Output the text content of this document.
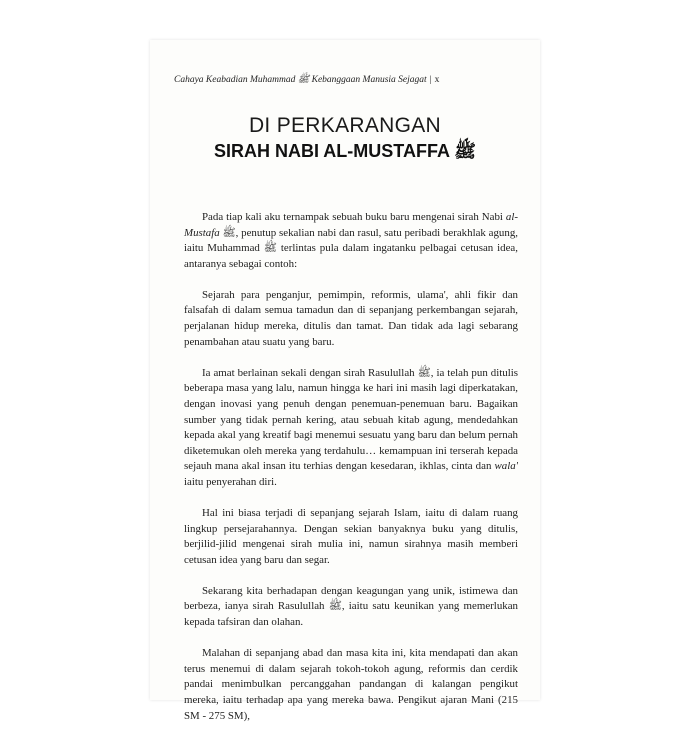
Cahaya Keabadian Muhammad ﷺ Kebanggaan Manusia Sejagat | x
DI PERKARANGAN
SIRAH NABI AL-MUSTAFFA ﷺ

Pada tiap kali aku ternampak sebuah buku baru mengenai sirah Nabi al-Mustafa ﷺ, penutup sekalian nabi dan rasul, satu peribadi berakhlak agung, iaitu Muhammad ﷺ terlintas pula dalam ingatanku pelbagai cetusan idea, antaranya sebagai contoh:

Sejarah para penganjur, pemimpin, reformis, ulama', ahli fikir dan falsafah di dalam semua tamadun dan di sepanjang perkembangan sejarah, perjalanan hidup mereka, ditulis dan tamat. Dan tidak ada lagi sebarang penambahan atau suatu yang baru.

Ia amat berlainan sekali dengan sirah Rasulullah ﷺ, ia telah pun ditulis beberapa masa yang lalu, namun hingga ke hari ini masih lagi diperkatakan, dengan inovasi yang penuh dengan penemuan-penemuan baru. Bagaikan sumber yang tidak pernah kering, atau sebuah kitab agung, mendedahkan kepada akal yang kreatif bagi menemui sesuatu yang baru dan belum pernah diketemukan oleh mereka yang terdahulu… kemampuan ini terserah kepada sejauh mana akal insan itu terhias dengan kesedaran, ikhlas, cinta dan wala' iaitu penyerahan diri.

Hal ini biasa terjadi di sepanjang sejarah Islam, iaitu di dalam ruang lingkup persejarahannya. Dengan sekian banyaknya buku yang ditulis, berjilid-jilid mengenai sirah mulia ini, namun sirahnya masih memberi cetusan idea yang baru dan segar.

Sekarang kita berhadapan dengan keagungan yang unik, istimewa dan berbeza, ianya sirah Rasulullah ﷺ, iaitu satu keunikan yang memerlukan kepada tafsiran dan olahan.

Malahan di sepanjang abad dan masa kita ini, kita mendapati dan akan terus menemui di dalam sejarah tokoh-tokoh agung, reformis dan cerdik pandai menimbulkan percanggahan pandangan di kalangan pengikut mereka, iaitu terhadap apa yang mereka bawa. Pengikut ajaran Mani (215 SM - 275 SM),
